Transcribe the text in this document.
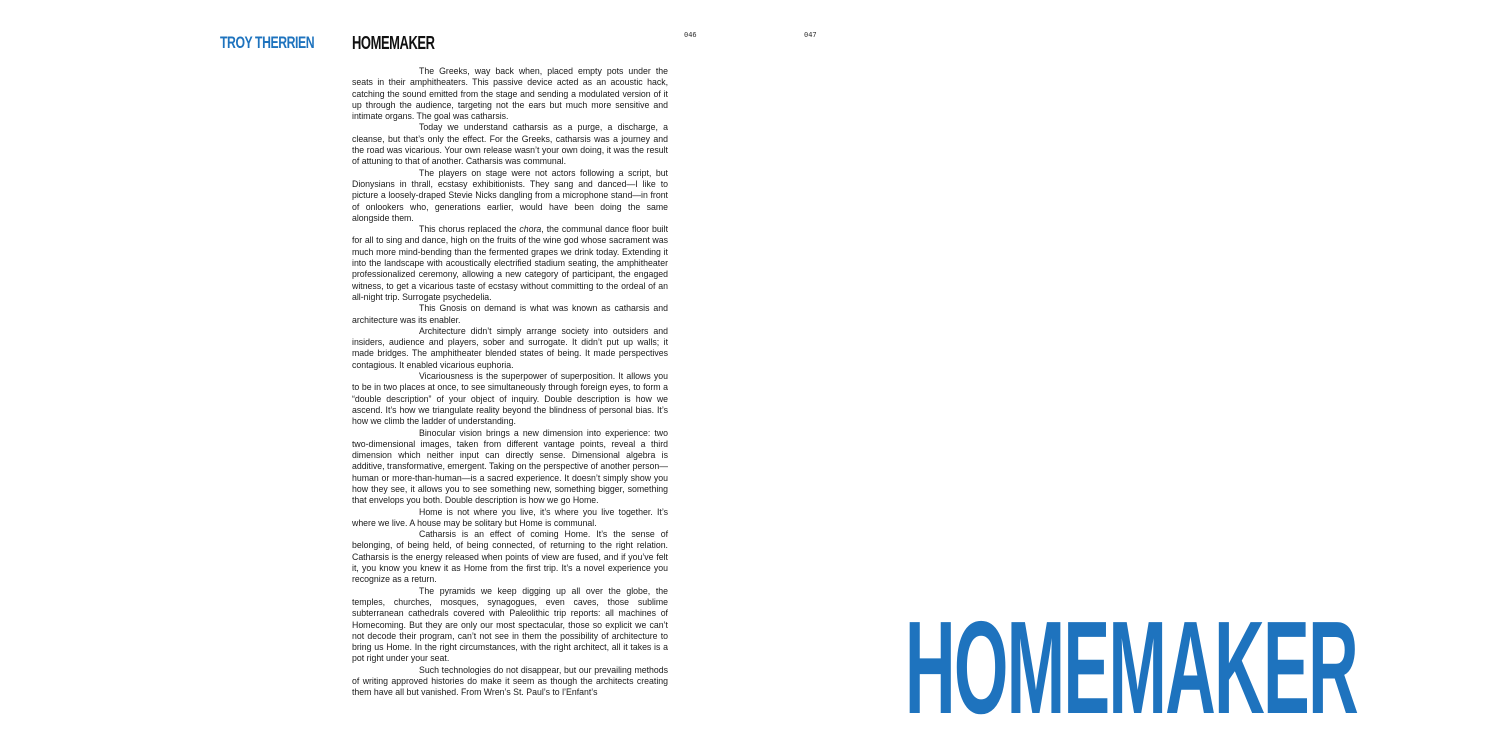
TROY THERRIEN HOMEMAKER	046	047

The Greeks, way back when, placed empty pots under the seats in their amphitheaters. This passive device acted as an acoustic hack, catching the sound emitted from the stage and sending a modulated version of it up through the audience, targeting not the ears but much more sensitive and intimate organs. The goal was catharsis.

Today we understand catharsis as a purge, a discharge, a cleanse, but that’s only the effect. For the Greeks, catharsis was a journey and the road was vicarious. Your own release wasn’t your own doing, it was the result of attuning to that of another. Catharsis was communal.

The players on stage were not actors following a script, but Dionysians in thrall, ecstasy exhibitionists. They sang and danced—I like to picture a loosely-draped Stevie Nicks dangling from a microphone stand—in front of onlookers who, generations earlier, would have been doing the same alongside them.

This chorus replaced the chora, the communal dance floor built for all to sing and dance, high on the fruits of the wine god whose sacrament was much more mind-bending than the fermented grapes we drink today. Extending it into the landscape with acoustically electrified stadium seating, the amphitheater professionalized ceremony, allowing a new category of participant, the engaged witness, to get a vicarious taste of ecstasy without committing to the ordeal of an all-night trip. Surrogate psychedelia.

This Gnosis on demand is what was known as catharsis and architecture was its enabler.

Architecture didn’t simply arrange society into outsiders and insiders, audience and players, sober and surrogate. It didn’t put up walls; it made bridges. The amphitheater blended states of being. It made perspectives contagious. It enabled vicarious euphoria.

Vicariousness is the superpower of superposition. It allows you to be in two places at once, to see simultaneously through foreign eyes, to form a “double description” of your object of inquiry. Double description is how we ascend. It’s how we triangulate reality beyond the blindness of personal bias. It’s how we climb the ladder of understanding.

Binocular vision brings a new dimension into experience: two two-dimensional images, taken from different vantage points, reveal a third dimension which neither input can directly sense. Dimensional algebra is additive, transformative, emergent. Taking on the perspective of another person—human or more-than-human—is a sacred experience. It doesn’t simply show you how they see, it allows you to see something new, something bigger, something that envelops you both. Double description is how we go Home.

Home is not where you live, it’s where you live together. It’s where we live. A house may be solitary but Home is communal.

Catharsis is an effect of coming Home. It’s the sense of belonging, of being held, of being connected, of returning to the right relation. Catharsis is the energy released when points of view are fused, and if you’ve felt it, you know you knew it as Home from the first trip. It’s a novel experience you recognize as a return.

The pyramids we keep digging up all over the globe, the temples, churches, mosques, synagogues, even caves, those sublime subterranean cathedrals covered with Paleolithic trip reports: all machines of Homecoming. But they are only our most spectacular, those so explicit we can’t not decode their program, can’t not see in them the possibility of architecture to bring us Home. In the right circumstances, with the right architect, all it takes is a pot right under your seat.

Such technologies do not disappear, but our prevailing methods of writing approved histories do make it seem as though the architects creating them have all but vanished. From Wren’s St. Paul’s to l’Enfant’s	HOMEMAKER
